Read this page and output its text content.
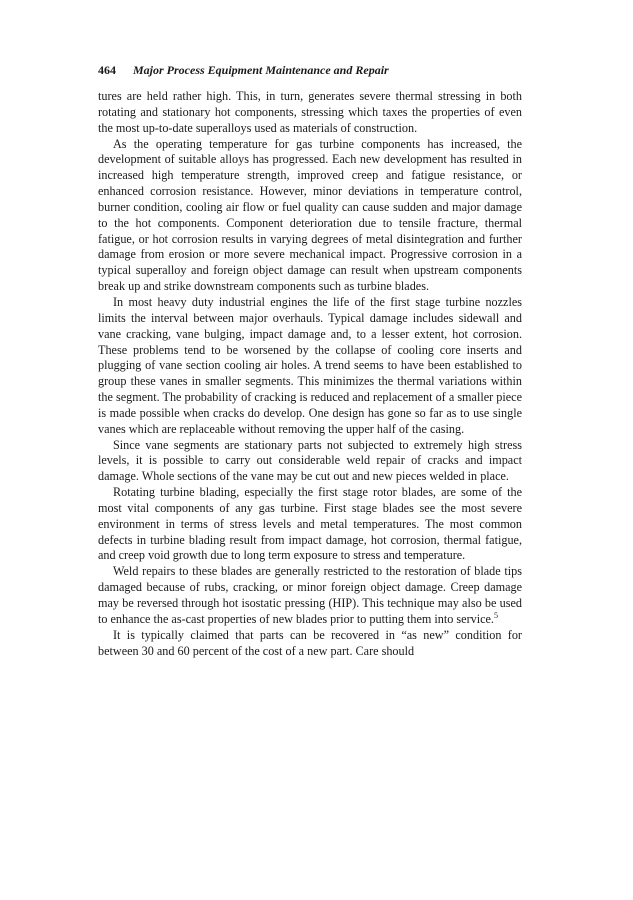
464 Major Process Equipment Maintenance and Repair

tures are held rather high. This, in turn, generates severe thermal stressing in both rotating and stationary hot components, stressing which taxes the properties of even the most up-to-date superalloys used as materials of construction.

As the operating temperature for gas turbine components has increased, the development of suitable alloys has progressed. Each new development has resulted in increased high temperature strength, improved creep and fatigue resistance, or enhanced corrosion resistance. However, minor deviations in temperature control, burner condition, cooling air flow or fuel quality can cause sudden and major damage to the hot components. Component deterioration due to tensile fracture, thermal fatigue, or hot corrosion results in varying degrees of metal disintegration and further damage from erosion or more severe mechanical impact. Progressive corrosion in a typical superalloy and foreign object damage can result when upstream components break up and strike downstream components such as turbine blades.

In most heavy duty industrial engines the life of the first stage turbine nozzles limits the interval between major overhauls. Typical damage includes sidewall and vane cracking, vane bulging, impact damage and, to a lesser extent, hot corrosion. These problems tend to be worsened by the collapse of cooling core inserts and plugging of vane section cooling air holes. A trend seems to have been established to group these vanes in smaller segments. This minimizes the thermal variations within the segment. The probability of cracking is reduced and replacement of a smaller piece is made possible when cracks do develop. One design has gone so far as to use single vanes which are replaceable without removing the upper half of the casing.

Since vane segments are stationary parts not subjected to extremely high stress levels, it is possible to carry out considerable weld repair of cracks and impact damage. Whole sections of the vane may be cut out and new pieces welded in place.

Rotating turbine blading, especially the first stage rotor blades, are some of the most vital components of any gas turbine. First stage blades see the most severe environment in terms of stress levels and metal temperatures. The most common defects in turbine blading result from impact damage, hot corrosion, thermal fatigue, and creep void growth due to long term exposure to stress and temperature.

Weld repairs to these blades are generally restricted to the restoration of blade tips damaged because of rubs, cracking, or minor foreign object damage. Creep damage may be reversed through hot isostatic pressing (HIP). This technique may also be used to enhance the as-cast properties of new blades prior to putting them into service.$^5$

It is typically claimed that parts can be recovered in “as new” condition for between 30 and 60 percent of the cost of a new part. Care should
